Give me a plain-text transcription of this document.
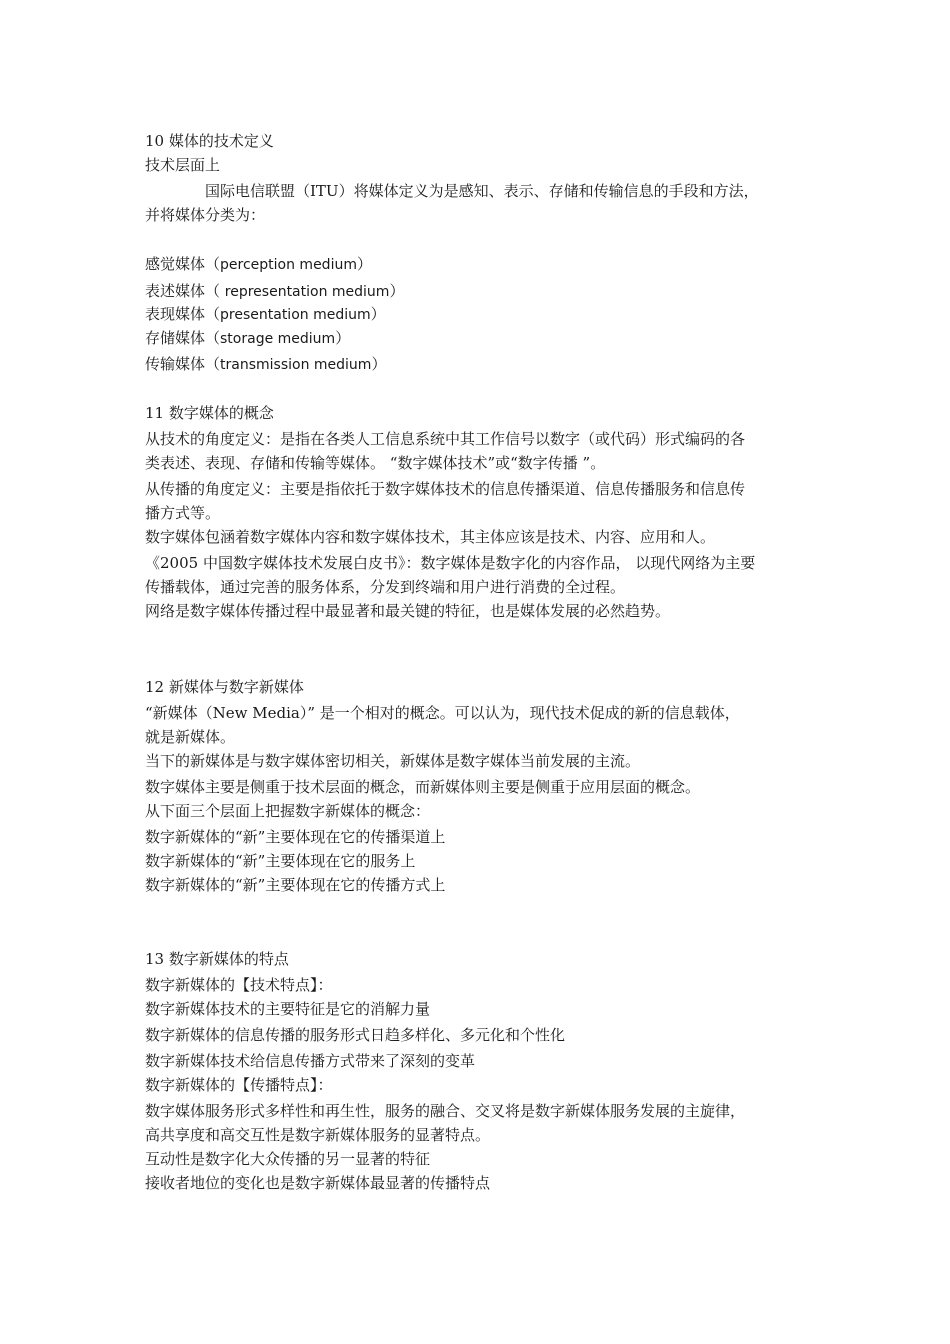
10 媒体的技术定义
技术层面上
国际电信联盟（ITU）将媒体定义为是感知、表示、存储和传输信息的手段和方法，
并将媒体分类为：
感觉媒体（perception medium）
表述媒体（ representation medium）
表现媒体（presentation medium）
存储媒体（storage medium）
传输媒体（transmission medium）
11 数字媒体的概念
从技术的角度定义：是指在各类人工信息系统中其工作信号以数字（或代码）形式编码的各
类表述、表现、存储和传输等媒体。 “数字媒体技术”或“数字传播 ”。
从传播的角度定义：主要是指依托于数字媒体技术的信息传播渠道、信息传播服务和信息传
播方式等。
数字媒体包涵着数字媒体内容和数字媒体技术，其主体应该是技术、内容、应用和人。
《2005 中国数字媒体技术发展白皮书》：数字媒体是数字化的内容作品， 以现代网络为主要
传播载体，通过完善的服务体系，分发到终端和用户进行消费的全过程。
网络是数字媒体传播过程中最显著和最关键的特征，也是媒体发展的必然趋势。
12 新媒体与数字新媒体
“新媒体（New Media）” 是一个相对的概念。可以认为，现代技术促成的新的信息载体，
就是新媒体。
当下的新媒体是与数字媒体密切相关，新媒体是数字媒体当前发展的主流。
数字媒体主要是侧重于技术层面的概念，而新媒体则主要是侧重于应用层面的概念。
从下面三个层面上把握数字新媒体的概念：
数字新媒体的“新”主要体现在它的传播渠道上
数字新媒体的“新”主要体现在它的服务上
数字新媒体的“新”主要体现在它的传播方式上
13 数字新媒体的特点
数字新媒体的【技术特点】：
数字新媒体技术的主要特征是它的消解力量
数字新媒体的信息传播的服务形式日趋多样化、多元化和个性化
数字新媒体技术给信息传播方式带来了深刻的变革
数字新媒体的【传播特点】：
数字媒体服务形式多样性和再生性，服务的融合、交叉将是数字新媒体服务发展的主旋律，
高共享度和高交互性是数字新媒体服务的显著特点。
互动性是数字化大众传播的另一显著的特征
接收者地位的变化也是数字新媒体最显著的传播特点
